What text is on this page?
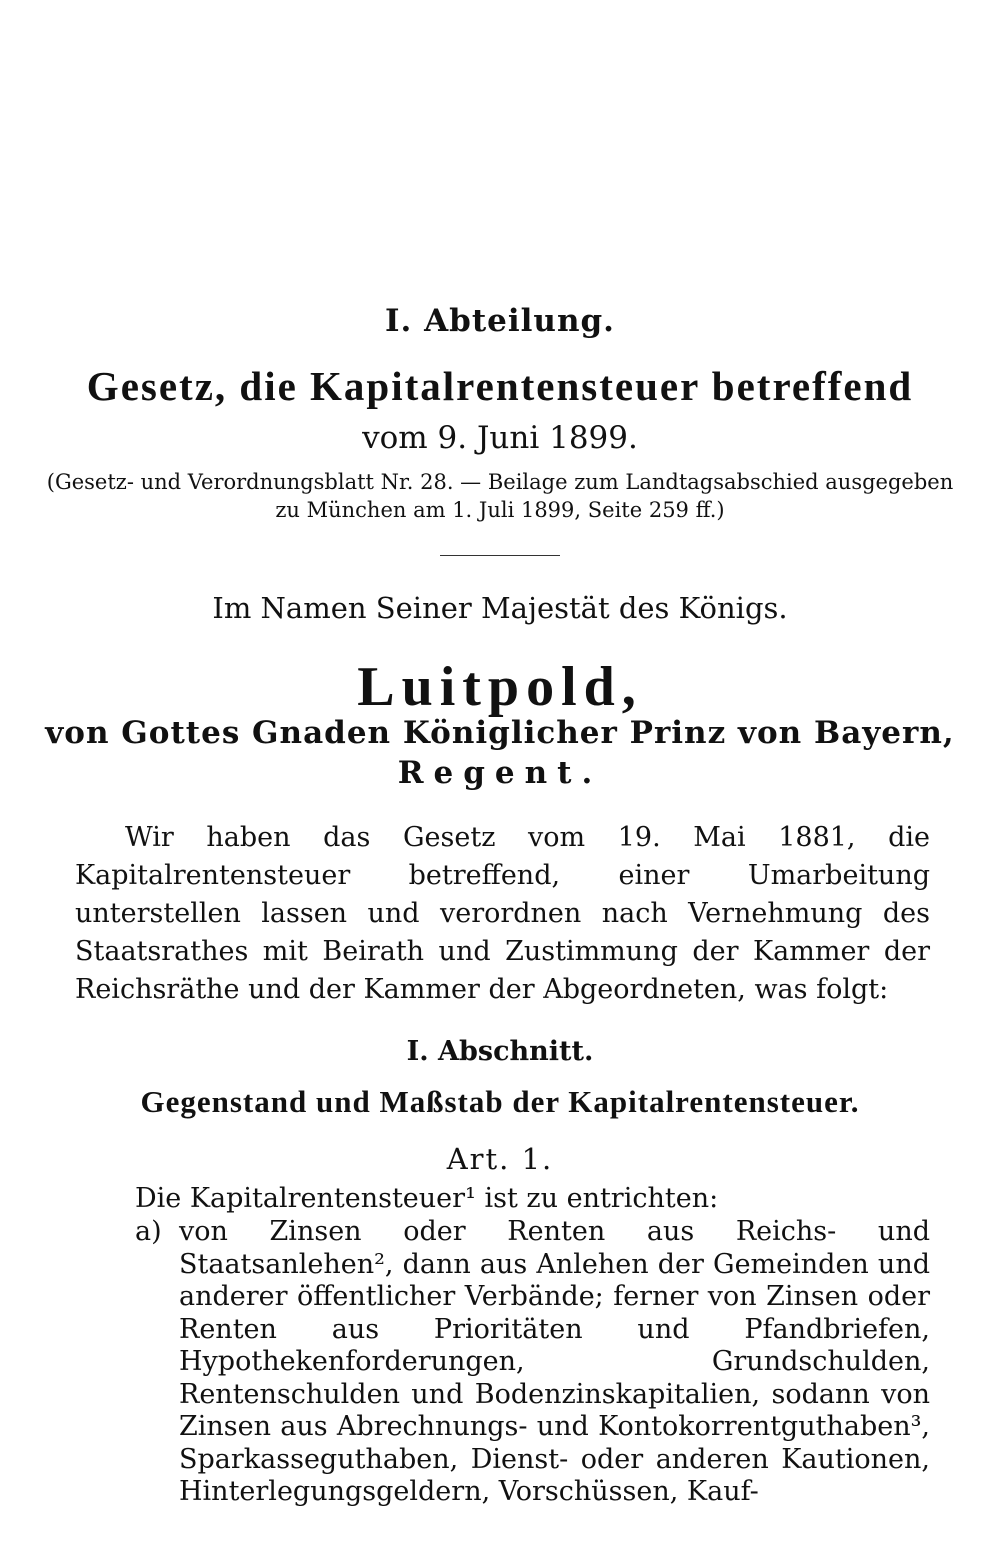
I. Abteilung.
Gesetz, die Kapitalrentensteuer betreffend
vom 9. Juni 1899.
(Gesetz- und Verordnungsblatt Nr. 28. — Beilage zum Landtagsabschied ausgegeben
zu München am 1. Juli 1899, Seite 259 ff.)
Im Namen Seiner Majestät des Königs.
Luitpold,
von Gottes Gnaden Königlicher Prinz von Bayern,
Regent.
Wir haben das Gesetz vom 19. Mai 1881, die Kapitalrentensteuer betreffend, einer Umarbeitung unterstellen lassen und verordnen nach Vernehmung des Staatsrathes mit Beirath und Zustimmung der Kammer der Reichsräthe und der Kammer der Abgeordneten, was folgt:
I. Abschnitt.
Gegenstand und Maßstab der Kapitalrentensteuer.
Art. 1.
Die Kapitalrentensteuer¹ ist zu entrichten:
a) von Zinsen oder Renten aus Reichs- und Staatsanlehen², dann aus Anlehen der Gemeinden und anderer öffentlicher Verbände; ferner von Zinsen oder Renten aus Prioritäten und Pfandbriefen, Hypothekenforderungen, Grundschulden, Rentenschulden und Bodenzinskapitalien, sodann von Zinsen aus Abrechnungs- und Kontokorrentguthaben³, Sparkasseguthaben, Dienst- oder anderen Kautionen, Hinterlegungsgeldern, Vorschüssen, Kauf-
